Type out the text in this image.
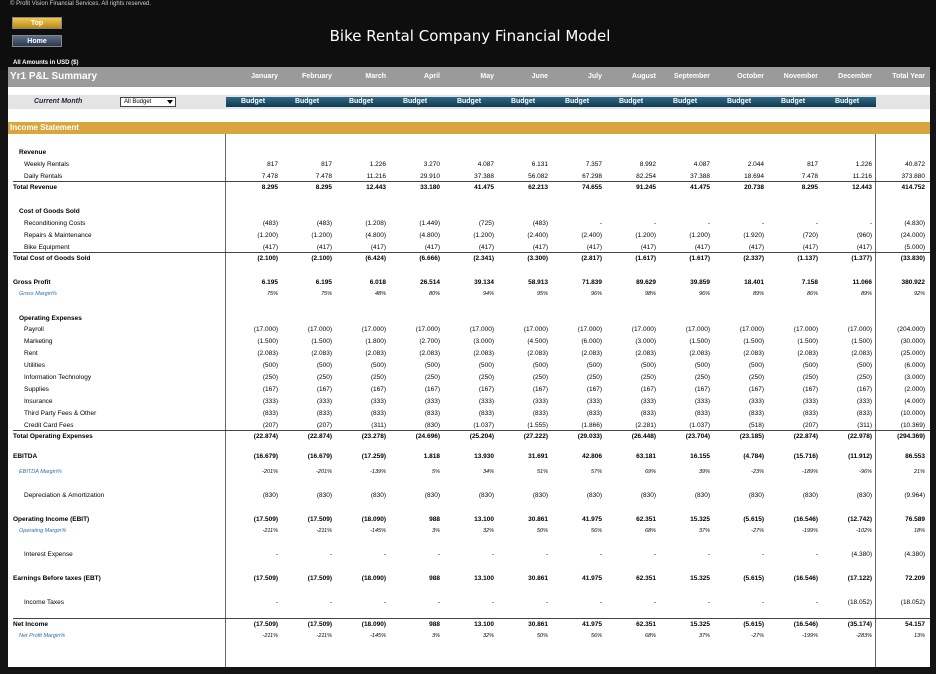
© Profit Vision Financial Services. All rights reserved.
Top
Home	Bike Rental Company Financial Model
All Amounts in USD ($)
Yr1 P&L Summary	January	February	March	April	May	June	July	August	September	October	November	December	Total Year
Current Month	All Budget	Budget	Budget	Budget	Budget	Budget	Budget	Budget	Budget	Budget	Budget	Budget	Budget
Income Statement
Revenue
Weekly Rentals	817	817	1.226	3.270	4.087	6.131	7.357	8.992	4.087	2.044	817	1.226	40.872
Daily Rentals	7.478	7.478	11.216	29.910	37.388	56.082	67.298	82.254	37.388	18.694	7.478	11.216	373.880
Total Revenue	8.295	8.295	12.443	33.180	41.475	62.213	74.655	91.245	41.475	20.738	8.295	12.443	414.752
Cost of Goods Sold
Reconditioning Costs	(483)	(483)	(1.208)	(1.449)	(725)	(483)	-	-	-	-	-	-	(4.830)
Repairs & Maintenance	(1.200)	(1.200)	(4.800)	(4.800)	(1.200)	(2.400)	(2.400)	(1.200)	(1.200)	(1.920)	(720)	(960)	(24.000)
Bike Equipment	(417)	(417)	(417)	(417)	(417)	(417)	(417)	(417)	(417)	(417)	(417)	(417)	(5.000)
Total Cost of Goods Sold	(2.100)	(2.100)	(6.424)	(6.666)	(2.341)	(3.300)	(2.817)	(1.617)	(1.617)	(2.337)	(1.137)	(1.377)	(33.830)
Gross Profit	6.195	6.195	6.018	26.514	39.134	58.913	71.839	89.629	39.859	18.401	7.158	11.066	380.922
Gross Margin%	75%	75%	48%	80%	94%	95%	96%	98%	96%	89%	86%	89%	92%
Operating Expenses
Payroll	(17.000)	(17.000)	(17.000)	(17.000)	(17.000)	(17.000)	(17.000)	(17.000)	(17.000)	(17.000)	(17.000)	(17.000)	(204.000)
Marketing	(1.500)	(1.500)	(1.800)	(2.700)	(3.000)	(4.500)	(6.000)	(3.000)	(1.500)	(1.500)	(1.500)	(1.500)	(30.000)
Rent	(2.083)	(2.083)	(2.083)	(2.083)	(2.083)	(2.083)	(2.083)	(2.083)	(2.083)	(2.083)	(2.083)	(2.083)	(25.000)
Utilities	(500)	(500)	(500)	(500)	(500)	(500)	(500)	(500)	(500)	(500)	(500)	(500)	(6.000)
Information Technology	(250)	(250)	(250)	(250)	(250)	(250)	(250)	(250)	(250)	(250)	(250)	(250)	(3.000)
Supplies	(167)	(167)	(167)	(167)	(167)	(167)	(167)	(167)	(167)	(167)	(167)	(167)	(2.000)
Insurance	(333)	(333)	(333)	(333)	(333)	(333)	(333)	(333)	(333)	(333)	(333)	(333)	(4.000)
Third Party Fees & Other	(833)	(833)	(833)	(833)	(833)	(833)	(833)	(833)	(833)	(833)	(833)	(833)	(10.000)
Credit Card Fees	(207)	(207)	(311)	(830)	(1.037)	(1.555)	(1.866)	(2.281)	(1.037)	(518)	(207)	(311)	(10.369)
Total Operating Expenses	(22.874)	(22.874)	(23.278)	(24.696)	(25.204)	(27.222)	(29.033)	(26.448)	(23.704)	(23.185)	(22.874)	(22.978)	(294.369)
EBITDA	(16.679)	(16.679)	(17.259)	1.818	13.930	31.691	42.806	63.181	16.155	(4.784)	(15.716)	(11.912)	86.553
EBITDA Margin%	-201%	-201%	-139%	5%	34%	51%	57%	69%	39%	-23%	-189%	-96%	21%
Depreciation & Amortization	(830)	(830)	(830)	(830)	(830)	(830)	(830)	(830)	(830)	(830)	(830)	(830)	(9.964)
Operating Income (EBIT)	(17.509)	(17.509)	(18.090)	988	13.100	30.861	41.975	62.351	15.325	(5.615)	(16.546)	(12.742)	76.589
Operating Margin%	-211%	-211%	-145%	3%	32%	50%	56%	68%	37%	-27%	-199%	-102%	18%
Interest Expense	-	-	-	-	-	-	-	-	-	-	-	(4.380)	(4.380)
Earnings Before taxes (EBT)	(17.509)	(17.509)	(18.090)	988	13.100	30.861	41.975	62.351	15.325	(5.615)	(16.546)	(17.122)	72.209
Income Taxes	-	-	-	-	-	-	-	-	-	-	-	(18.052)	(18.052)
Net Income	(17.509)	(17.509)	(18.090)	988	13.100	30.861	41.975	62.351	15.325	(5.615)	(16.546)	(35.174)	54.157
Net Profit Margin%	-211%	-211%	-145%	3%	32%	50%	56%	68%	37%	-27%	-199%	-283%	13%
